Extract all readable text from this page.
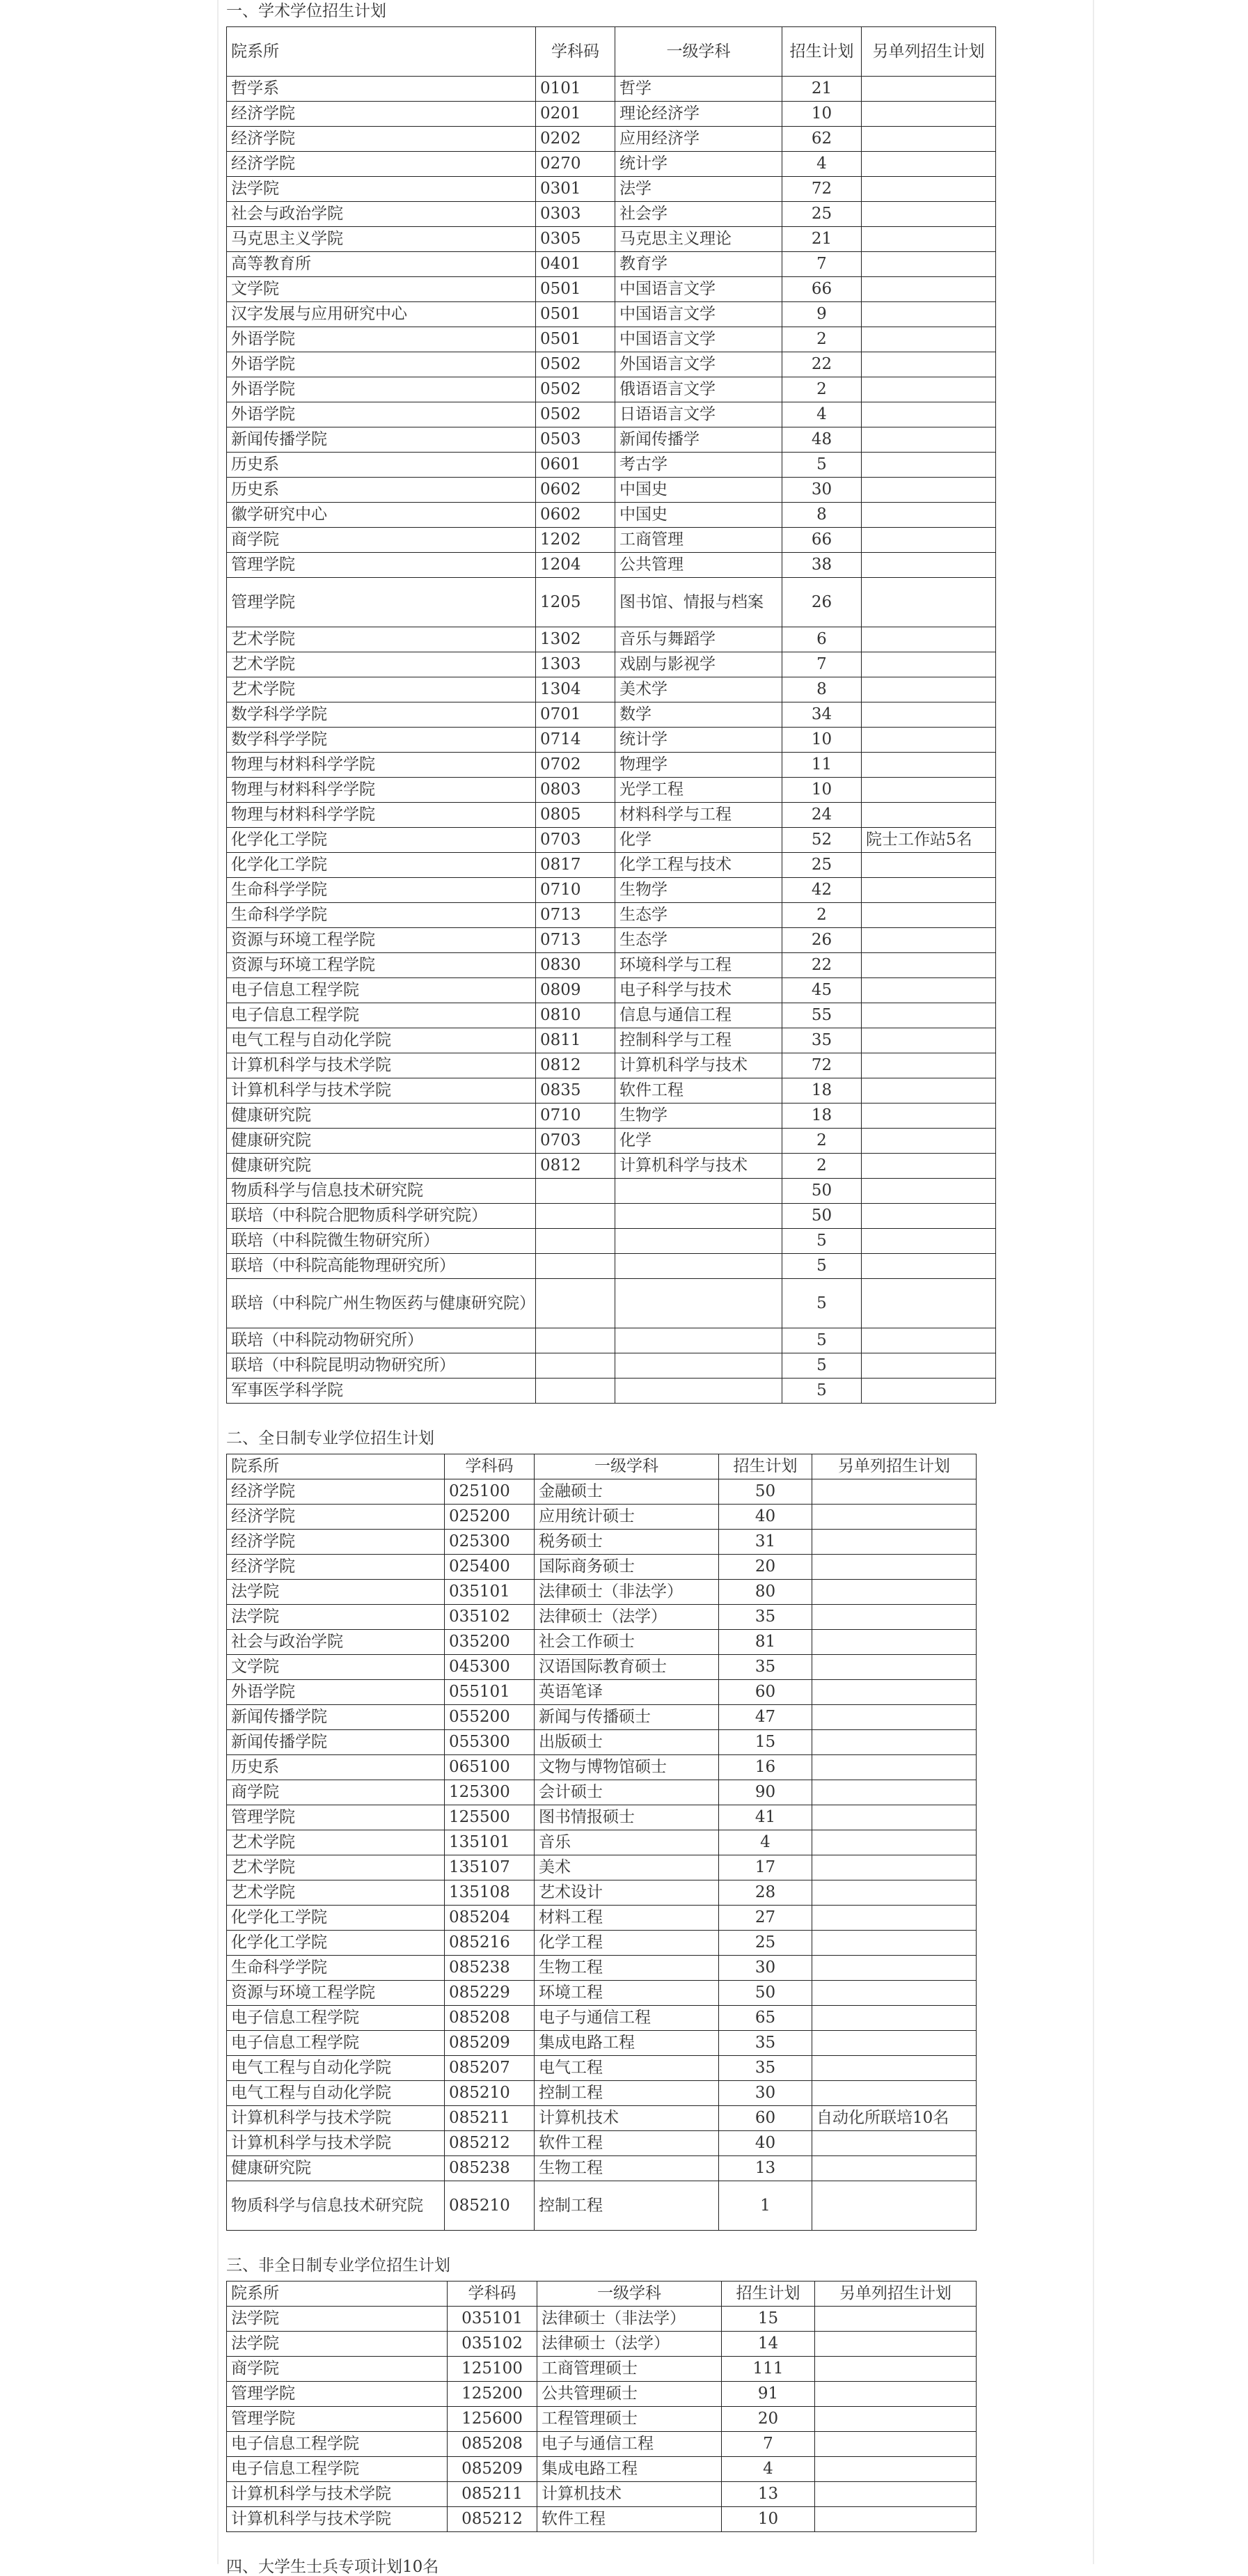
一、学术学位招生计划

院系所	学科码	一级学科	招生计划	另单列招生计划
哲学系	0101	哲学	21	
经济学院	0201	理论经济学	10	
经济学院	0202	应用经济学	62	
经济学院	0270	统计学	4	
法学院	0301	法学	72	
社会与政治学院	0303	社会学	25	
马克思主义学院	0305	马克思主义理论	21	
高等教育所	0401	教育学	7	
文学院	0501	中国语言文学	66	
汉字发展与应用研究中心	0501	中国语言文学	9	
外语学院	0501	中国语言文学	2	
外语学院	0502	外国语言文学	22	
外语学院	0502	俄语语言文学	2	
外语学院	0502	日语语言文学	4	
新闻传播学院	0503	新闻传播学	48	
历史系	0601	考古学	5	
历史系	0602	中国史	30	
徽学研究中心	0602	中国史	8	
商学院	1202	工商管理	66	
管理学院	1204	公共管理	38	
管理学院	1205	图书馆、情报与档案	26	
艺术学院	1302	音乐与舞蹈学	6	
艺术学院	1303	戏剧与影视学	7	
艺术学院	1304	美术学	8	
数学科学学院	0701	数学	34	
数学科学学院	0714	统计学	10	
物理与材料科学学院	0702	物理学	11	
物理与材料科学学院	0803	光学工程	10	
物理与材料科学学院	0805	材料科学与工程	24	
化学化工学院	0703	化学	52	院士工作站5名
化学化工学院	0817	化学工程与技术	25	
生命科学学院	0710	生物学	42	
生命科学学院	0713	生态学	2	
资源与环境工程学院	0713	生态学	26	
资源与环境工程学院	0830	环境科学与工程	22	
电子信息工程学院	0809	电子科学与技术	45	
电子信息工程学院	0810	信息与通信工程	55	
电气工程与自动化学院	0811	控制科学与工程	35	
计算机科学与技术学院	0812	计算机科学与技术	72	
计算机科学与技术学院	0835	软件工程	18	
健康研究院	0710	生物学	18	
健康研究院	0703	化学	2	
健康研究院	0812	计算机科学与技术	2	
物质科学与信息技术研究院			50	
联培（中科院合肥物质科学研究院）			50	
联培（中科院微生物研究所）			5	
联培（中科院高能物理研究所）			5	
联培（中科院广州生物医药与健康研究院）			5	
联培（中科院动物研究所）			5	
联培（中科院昆明动物研究所）			5	
军事医学科学院			5	

二、全日制专业学位招生计划

院系所	学科码	一级学科	招生计划	另单列招生计划
经济学院	025100	金融硕士	50	
经济学院	025200	应用统计硕士	40	
经济学院	025300	税务硕士	31	
经济学院	025400	国际商务硕士	20	
法学院	035101	法律硕士（非法学）	80	
法学院	035102	法律硕士（法学）	35	
社会与政治学院	035200	社会工作硕士	81	
文学院	045300	汉语国际教育硕士	35	
外语学院	055101	英语笔译	60	
新闻传播学院	055200	新闻与传播硕士	47	
新闻传播学院	055300	出版硕士	15	
历史系	065100	文物与博物馆硕士	16	
商学院	125300	会计硕士	90	
管理学院	125500	图书情报硕士	41	
艺术学院	135101	音乐	4	
艺术学院	135107	美术	17	
艺术学院	135108	艺术设计	28	
化学化工学院	085204	材料工程	27	
化学化工学院	085216	化学工程	25	
生命科学学院	085238	生物工程	30	
资源与环境工程学院	085229	环境工程	50	
电子信息工程学院	085208	电子与通信工程	65	
电子信息工程学院	085209	集成电路工程	35	
电气工程与自动化学院	085207	电气工程	35	
电气工程与自动化学院	085210	控制工程	30	
计算机科学与技术学院	085211	计算机技术	60	自动化所联培10名
计算机科学与技术学院	085212	软件工程	40	
健康研究院	085238	生物工程	13	
物质科学与信息技术研究院	085210	控制工程	1	

三、非全日制专业学位招生计划

院系所	学科码	一级学科	招生计划	另单列招生计划
法学院	035101	法律硕士（非法学）	15	
法学院	035102	法律硕士（法学）	14	
商学院	125100	工商管理硕士	111	
管理学院	125200	公共管理硕士	91	
管理学院	125600	工程管理硕士	20	
电子信息工程学院	085208	电子与通信工程	7	
电子信息工程学院	085209	集成电路工程	4	
计算机科学与技术学院	085211	计算机技术	13	
计算机科学与技术学院	085212	软件工程	10	

四、大学生士兵专项计划10名
